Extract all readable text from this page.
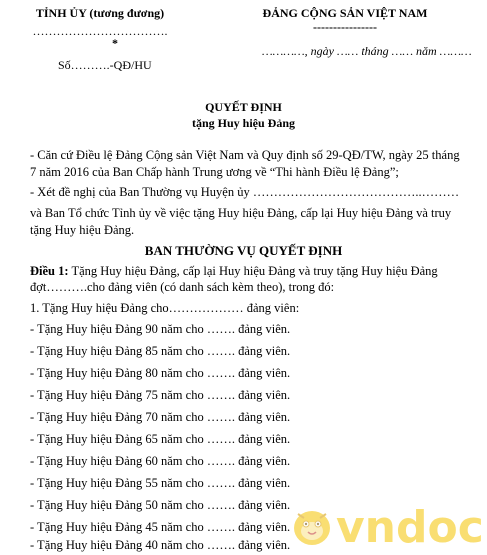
TỈNH ỦY (tương đương)
…………………………….
*
Số……….-QĐ/HU
ĐẢNG CỘNG SẢN VIỆT NAM
----------------
…………, ngày …… tháng …… năm ………
QUYẾT ĐỊNH
tặng Huy hiệu Đảng
- Căn cứ Điều lệ Đảng Cộng sản Việt Nam và Quy định số 29-QĐ/TW, ngày 25 tháng
7 năm 2016 của Ban Chấp hành Trung ương về “Thi hành Điều lệ Đảng”;
- Xét đề nghị của Ban Thường vụ Huyện ủy …………………………………..………
và Ban Tổ chức Tỉnh ủy về việc tặng Huy hiệu Đảng, cấp lại Huy hiệu Đảng và truy
tặng Huy hiệu Đảng.
BAN THƯỜNG VỤ QUYẾT ĐỊNH
Điều 1: Tặng Huy hiệu Đảng, cấp lại Huy hiệu Đảng và truy tặng Huy hiệu Đảng
đợt……….cho đảng viên (có danh sách kèm theo), trong đó:
1. Tặng Huy hiệu Đảng cho……………… đảng viên:
- Tặng Huy hiệu Đảng 90 năm cho ……. đảng viên.
- Tặng Huy hiệu Đảng 85 năm cho ……. đảng viên.
- Tặng Huy hiệu Đảng 80 năm cho ……. đảng viên.
- Tặng Huy hiệu Đảng 75 năm cho ……. đảng viên.
- Tặng Huy hiệu Đảng 70 năm cho ……. đảng viên.
- Tặng Huy hiệu Đảng 65 năm cho ……. đảng viên.
- Tặng Huy hiệu Đảng 60 năm cho ……. đảng viên.
- Tặng Huy hiệu Đảng 55 năm cho ……. đảng viên.
- Tặng Huy hiệu Đảng 50 năm cho ……. đảng viên.
- Tặng Huy hiệu Đảng 45 năm cho ……. đảng viên.
- Tặng Huy hiệu Đảng 40 năm cho ……. đảng viên. vndoc
